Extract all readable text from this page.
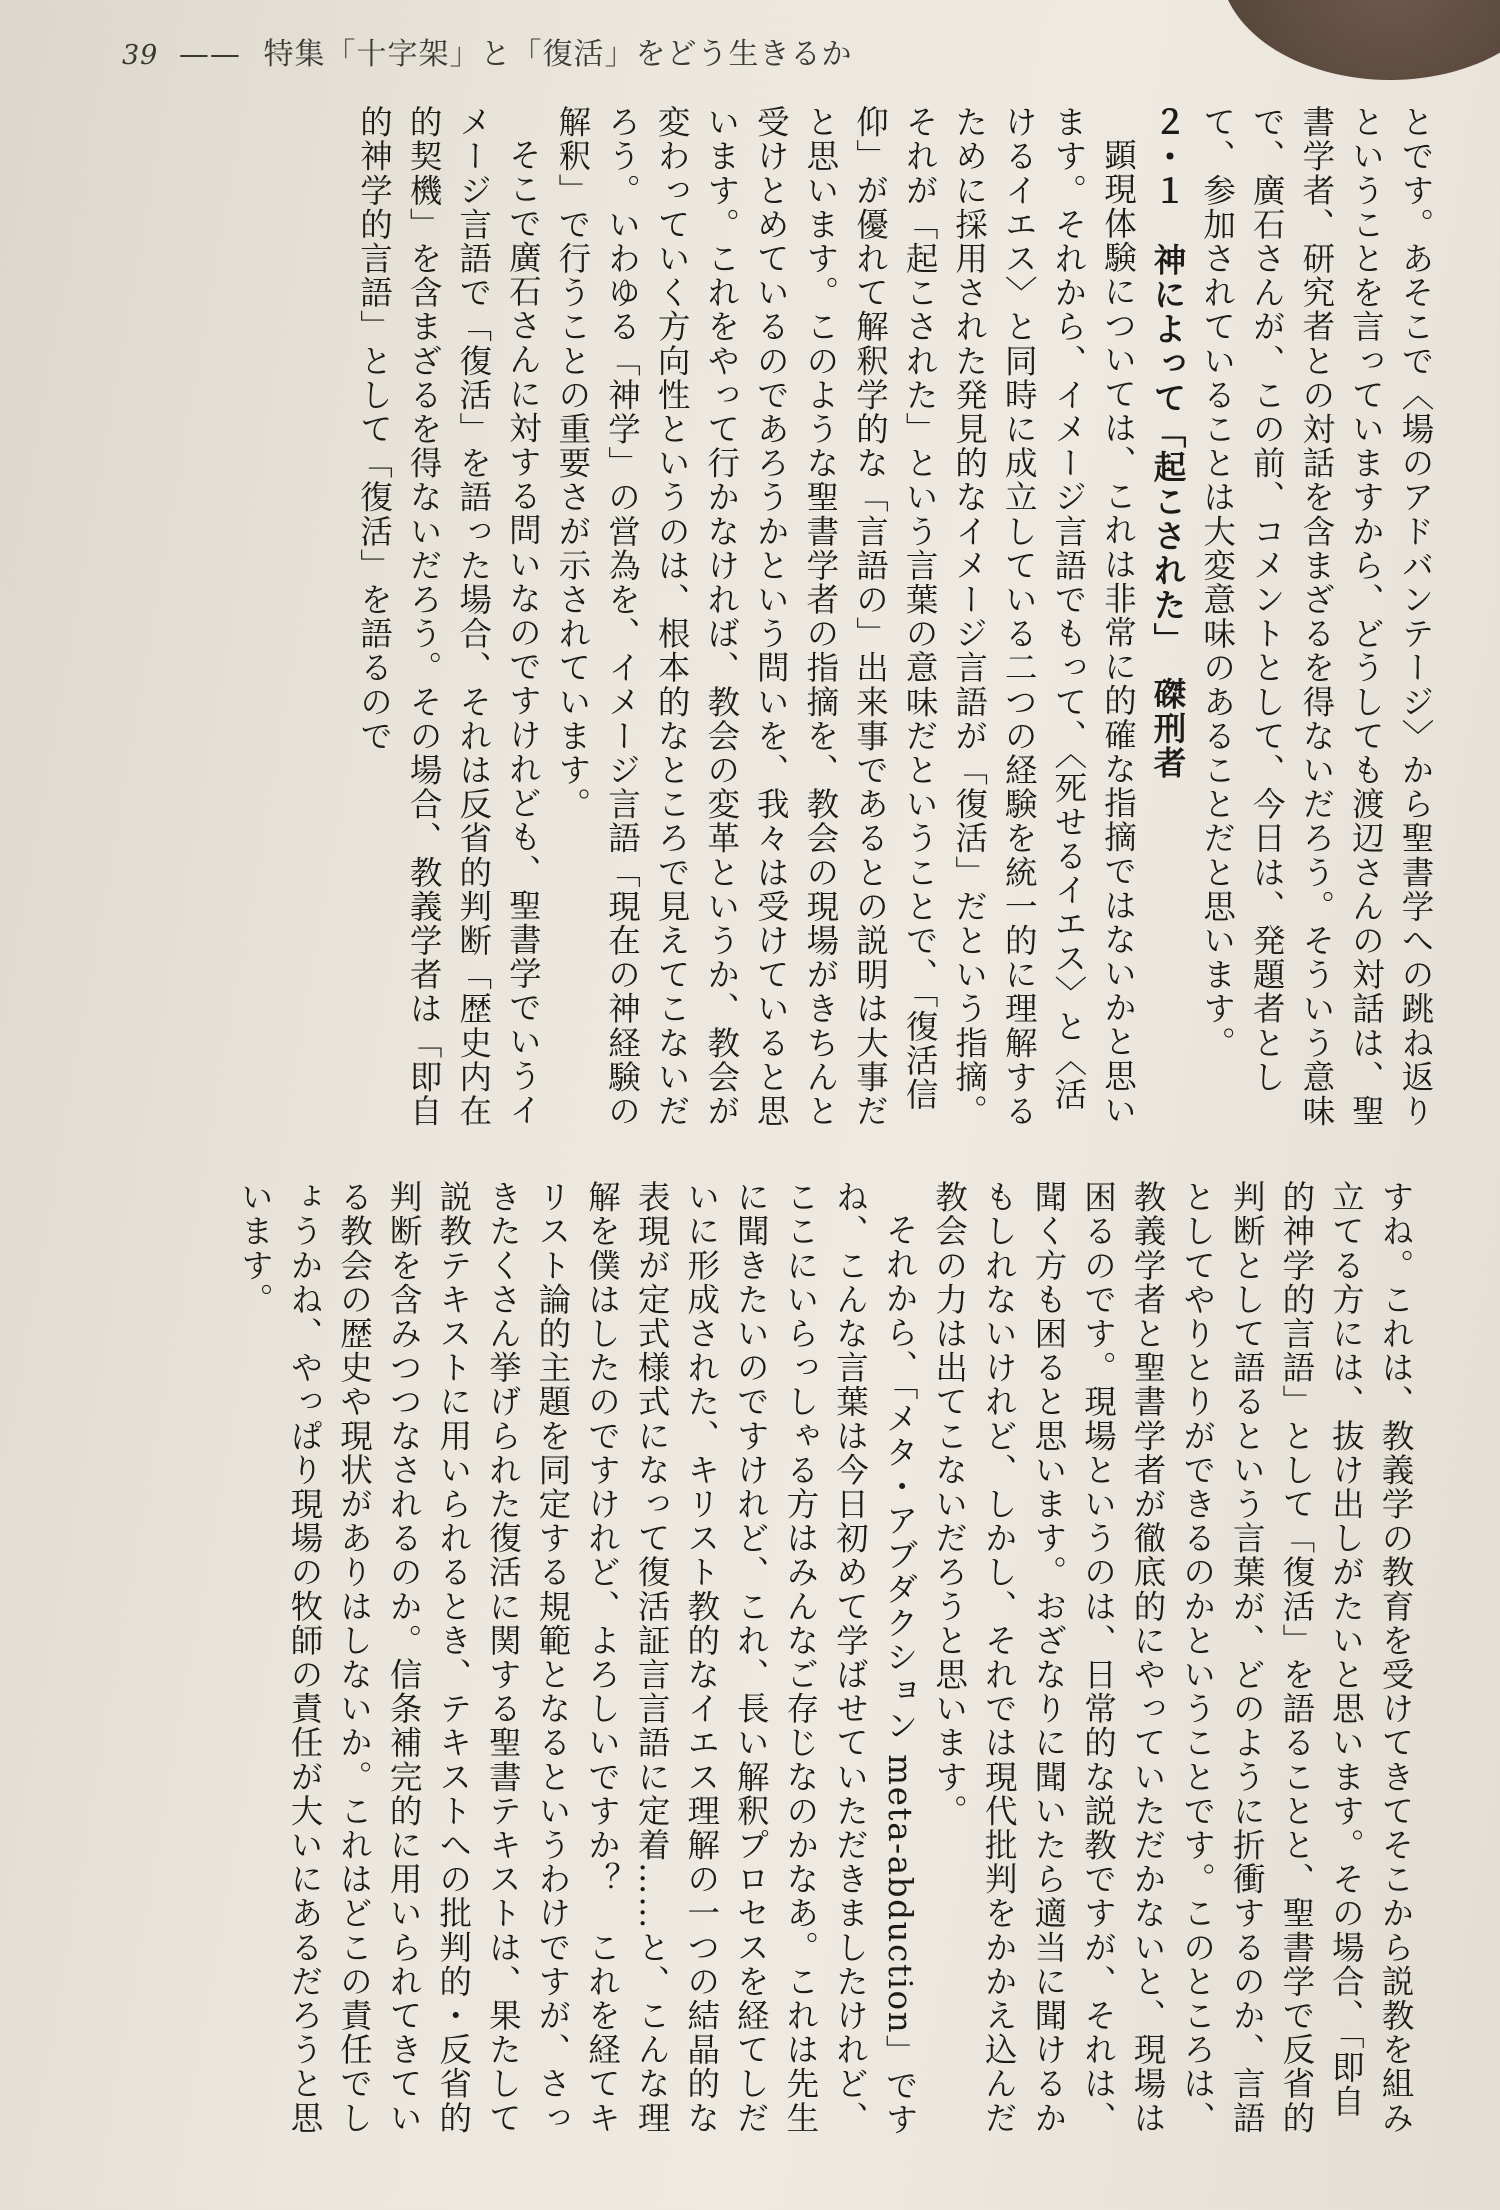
39 —— 特集「十字架」と「復活」をどう生きるか

とです。あそこで〈場のアドバンテージ〉から聖書学への跳ね返りということを言っていますから、どうしても渡辺さんの対話は、聖書学者、研究者との対話を含まざるを得ないだろう。そういう意味で、廣石さんが、この前、コメントとして、今日は、発題者として、参加されていることは大変意味のあることだと思います。

２・１　神によって「起こされた」磔刑者

顕現体験については、これは非常に的確な指摘ではないかと思います。それから、イメージ言語でもって、〈死せるイエス〉と〈活けるイエス〉と同時に成立している二つの経験を統一的に理解するために採用された発見的なイメージ言語が「復活」だという指摘。それが「起こされた」という言葉の意味だということで、「復活信仰」が優れて解釈学的な「言語の」出来事であるとの説明は大事だと思います。このような聖書学者の指摘を、教会の現場がきちんと受けとめているのであろうかという問いを、我々は受けていると思います。これをやって行かなければ、教会の変革というか、教会が変わっていく方向性というのは、根本的なところで見えてこないだろう。いわゆる「神学」の営為を、イメージ言語「現在の神経験の解釈」で行うことの重要さが示されています。

そこで廣石さんに対する問いなのですけれども、聖書学でいうイメージ言語で「復活」を語った場合、それは反省的判断「歴史内在的契機」を含まざるを得ないだろう。その場合、教義学者は「即自的神学的言語」として「復活」を語るので

すね。これは、教義学の教育を受けてきてそこから説教を組み立てる方には、抜け出しがたいと思います。その場合、「即自的神学的言語」として「復活」を語ることと、聖書学で反省的判断として語るという言葉が、どのように折衝するのか、言語としてやりとりができるのかということです。このところは、教義学者と聖書学者が徹底的にやっていただかないと、現場は困るのです。現場というのは、日常的な説教ですが、それは、聞く方も困ると思います。おざなりに聞いたら適当に聞けるかもしれないけれど、しかし、それでは現代批判をかかえ込んだ教会の力は出てこないだろうと思います。

それから、「メタ・アブダクション meta-abduction」ですね、こんな言葉は今日初めて学ばせていただきましたけれど、ここにいらっしゃる方はみんなご存じなのかなあ。これは先生に聞きたいのですけれど、これ、長い解釈プロセスを経てしだいに形成された、キリスト教的なイエス理解の一つの結晶的な表現が定式様式になって復活証言言語に定着……と、こんな理解を僕はしたのですけれど、よろしいですか？　これを経てキリスト論的主題を同定する規範となるというわけですが、さっきたくさん挙げられた復活に関する聖書テキストは、果たして説教テキストに用いられるとき、テキストへの批判的・反省的判断を含みつつなされるのか。信条補完的に用いられてきている教会の歴史や現状がありはしないか。これはどこの責任でしょうかね、やっぱり現場の牧師の責任が大いにあるだろうと思います。
